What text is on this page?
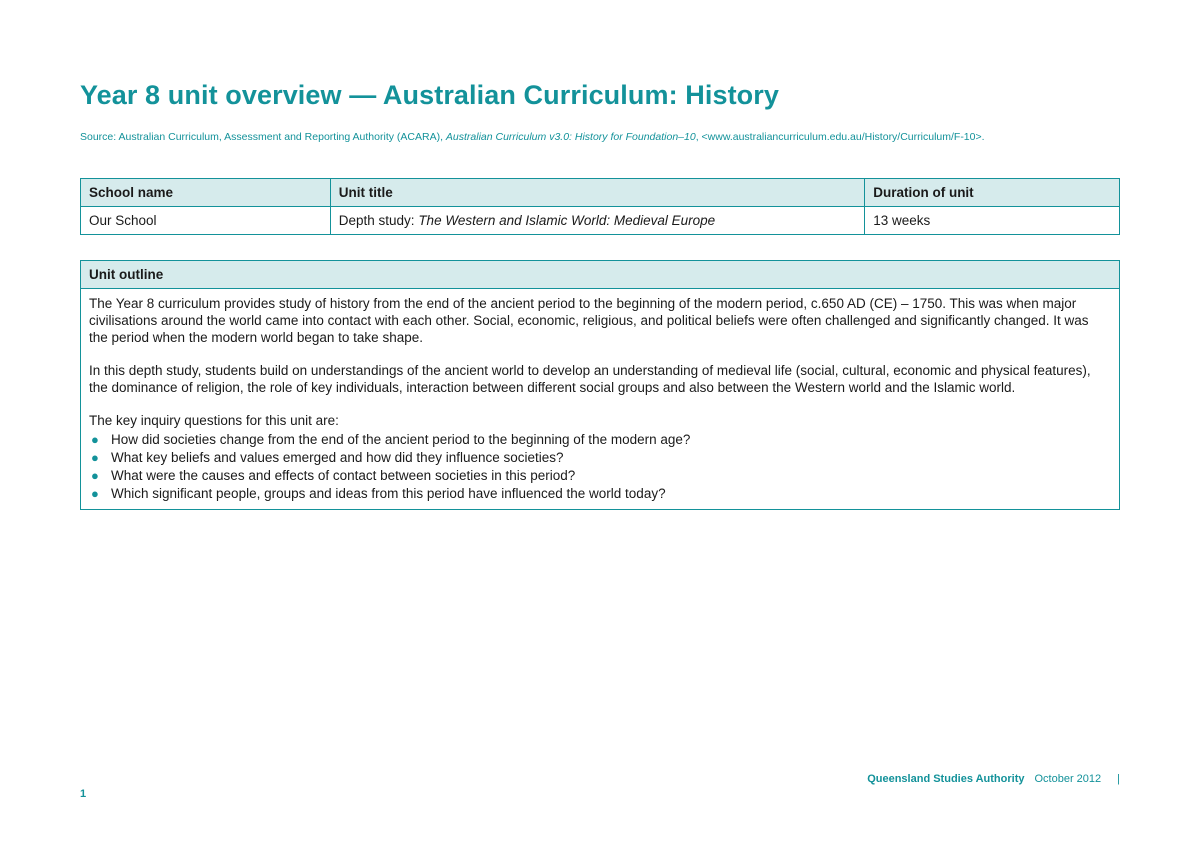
Year 8 unit overview — Australian Curriculum: History
Source: Australian Curriculum, Assessment and Reporting Authority (ACARA), Australian Curriculum v3.0: History for Foundation–10, <www.australiancurriculum.edu.au/History/Curriculum/F-10>.
School name	Unit title	Duration of unit
Our School	Depth study: The Western and Islamic World: Medieval Europe	13 weeks
Unit outline

The Year 8 curriculum provides study of history from the end of the ancient period to the beginning of the modern period, c.650 AD (CE) – 1750. This was when major civilisations around the world came into contact with each other. Social, economic, religious, and political beliefs were often challenged and significantly changed. It was the period when the modern world began to take shape.

In this depth study, students build on understandings of the ancient world to develop an understanding of medieval life (social, cultural, economic and physical features), the dominance of religion, the role of key individuals, interaction between different social groups and also between the Western world and the Islamic world.

The key inquiry questions for this unit are:

● How did societies change from the end of the ancient period to the beginning of the modern age?
● What key beliefs and values emerged and how did they influence societies?
● What were the causes and effects of contact between societies in this period?
● Which significant people, groups and ideas from this period have influenced the world today?
Queensland Studies Authority October 2012 |
1
